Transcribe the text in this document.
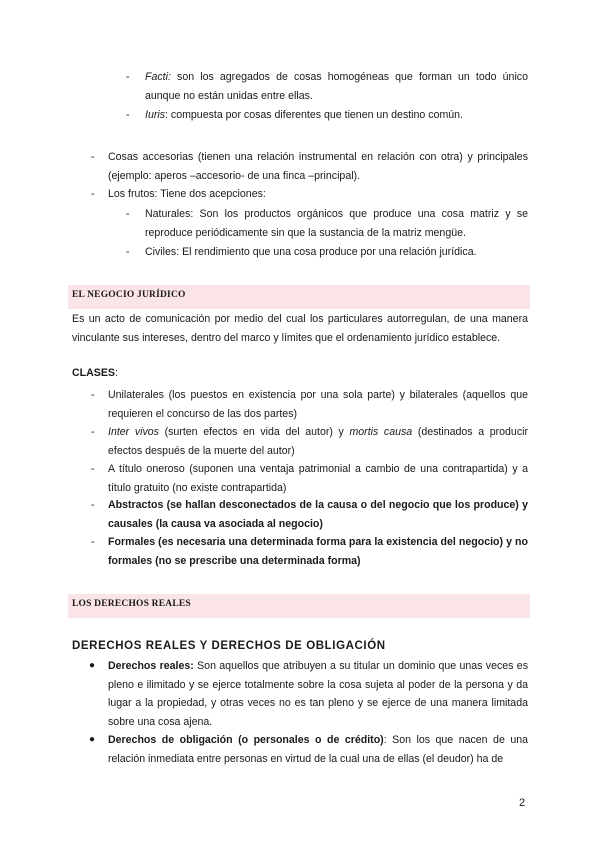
- Facti: son los agregados de cosas homogéneas que forman un todo único aunque no están unidas entre ellas.

- Iuris: compuesta por cosas diferentes que tienen un destino común.

- Cosas accesorias (tienen una relación instrumental en relación con otra) y principales (ejemplo: aperos –accesorio- de una finca –principal).

- Los frutos: Tiene dos acepciones:

- Naturales: Son los productos orgánicos que produce una cosa matriz y se reproduce periódicamente sin que la sustancia de la matriz mengüe.

- Civiles: El rendimiento que una cosa produce por una relación jurídica.

EL NEGOCIO JURÍDICO

Es un acto de comunicación por medio del cual los particulares autorregulan, de una manera vinculante sus intereses, dentro del marco y límites que el ordenamiento jurídico establece.

CLASES:

- Unilaterales (los puestos en existencia por una sola parte) y bilaterales (aquellos que requieren el concurso de las dos partes)

- Inter vivos (surten efectos en vida del autor) y mortis causa (destinados a producir efectos después de la muerte del autor)

- A título oneroso (suponen una ventaja patrimonial a cambio de una contrapartida) y a título gratuito (no existe contrapartida)

- Abstractos (se hallan desconectados de la causa o del negocio que los produce) y causales (la causa va asociada al negocio)

- Formales (es necesaria una determinada forma para la existencia del negocio) y no formales (no se prescribe una determinada forma)

LOS DERECHOS REALES
DERECHOS REALES Y DERECHOS DE OBLIGACIÓN
● Derechos reales: Son aquellos que atribuyen a su titular un dominio que unas veces es pleno e ilimitado y se ejerce totalmente sobre la cosa sujeta al poder de la persona y da lugar a la propiedad, y otras veces no es tan pleno y se ejerce de una manera limitada sobre una cosa ajena.

● Derechos de obligación (o personales o de crédito): Son los que nacen de una relación inmediata entre personas en virtud de la cual una de ellas (el deudor) ha de

2
